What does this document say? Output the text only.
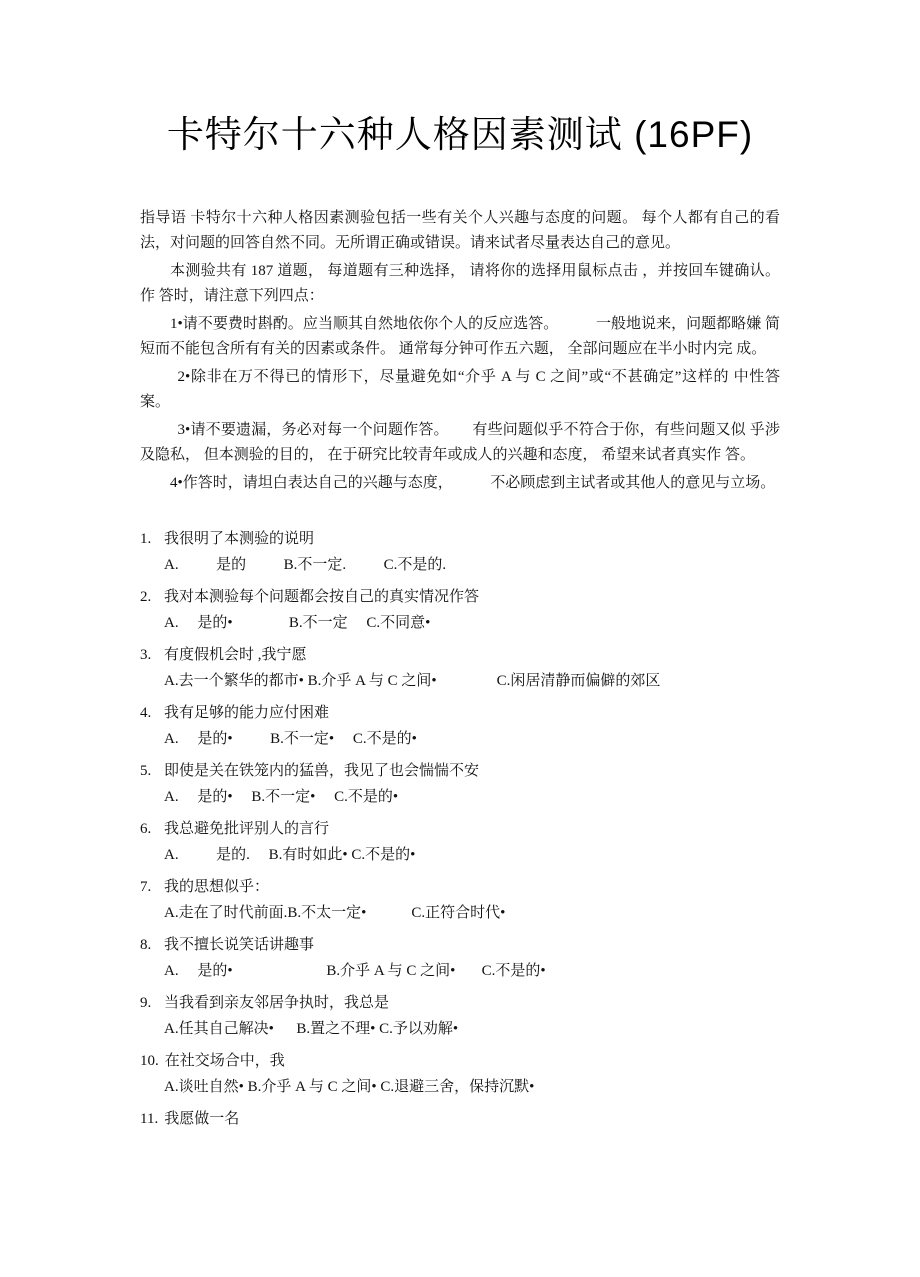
卡特尔十六种人格因素测试 (16PF)

指导语 卡特尔十六种人格因素测验包括一些有关个人兴趣与态度的问题。 每个人都有自己的看 法，对问题的回答自然不同。无所谓正确或错误。请来试者尽量表达自己的意见。

本测验共有 187 道题， 每道题有三种选择， 请将你的选择用鼠标点击 ，并按回车键确认。 作 答时，请注意下列四点：

1•请不要费时斟酌。应当顺其自然地依你个人的反应选答。          一般地说来，问题都略嫌 简短而不能包含所有有关的因素或条件。 通常每分钟可作五六题， 全部问题应在半小时内完 成。

2•除非在万不得已的情形下，尽量避免如“介乎 A 与 C 之间”或“不甚确定”这样的 中性答 案。

3•请不要遗漏，务必对每一个问题作答。      有些问题似乎不符合于你，有些问题又似 乎涉及隐私， 但本测验的目的， 在于研究比较青年或成人的兴趣和态度， 希望来试者真实作 答。

4•作答时，请坦白表达自己的兴趣与态度，          不必顾虑到主试者或其他人的意见与立场。

1. 我很明了本测验的说明
A.          是的          B.不一定.          C.不是的.
2. 我对本测验每个问题都会按自己的真实情况作答
A.     是的•               B.不一定     C.不同意•
3. 有度假机会时 ,我宁愿
A.去一个繁华的都市• B.介乎 A 与 C 之间•                C.闲居清静而偏僻的郊区
4. 我有足够的能力应付困难
A.     是的•          B.不一定•     C.不是的•
5. 即使是关在铁笼内的猛兽，我见了也会惴惴不安
A.     是的•     B.不一定•     C.不是的•
6. 我总避免批评别人的言行
A.          是的.     B.有时如此• C.不是的•
7. 我的思想似乎：
A.走在了时代前面.B.不太一定•            C.正符合时代•
8. 我不擅长说笑话讲趣事
A.     是的•                         B.介乎 A 与 C 之间•       C.不是的•
9. 当我看到亲友邻居争执时，我总是
A.任其自己解决•      B.置之不理• C.予以劝解•
10. 在社交场合中，我
A.谈吐自然• B.介乎 A 与 C 之间• C.退避三舍，保持沉默•
11. 我愿做一名
